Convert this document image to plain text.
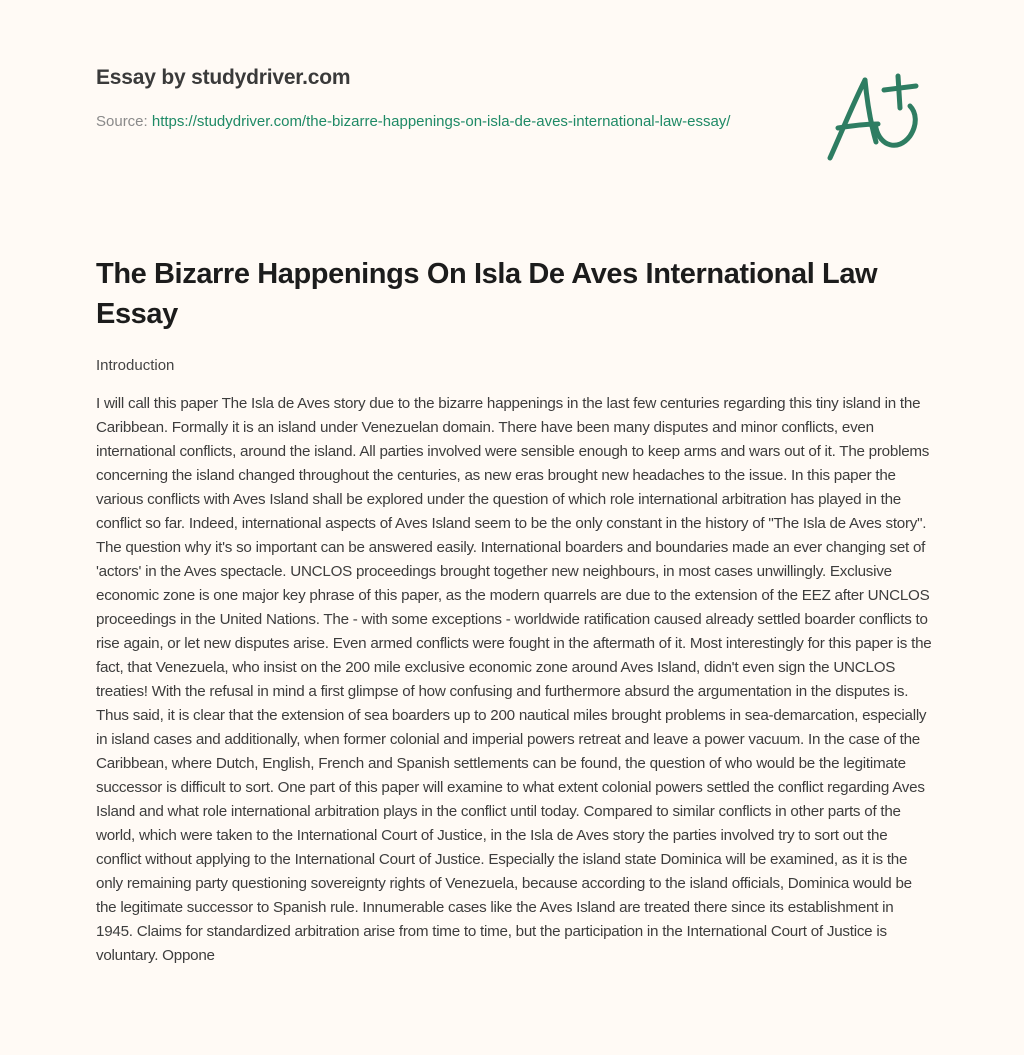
Essay by studydriver.com
Source: https://studydriver.com/the-bizarre-happenings-on-isla-de-aves-international-law-essay/
The Bizarre Happenings On Isla De Aves International Law Essay
Introduction

I will call this paper The Isla de Aves story due to the bizarre happenings in the last few centuries regarding this tiny island in the Caribbean. Formally it is an island under Venezuelan domain. There have been many disputes and minor conflicts, even international conflicts, around the island. All parties involved were sensible enough to keep arms and wars out of it. The problems concerning the island changed throughout the centuries, as new eras brought new headaches to the issue. In this paper the various conflicts with Aves Island shall be explored under the question of which role international arbitration has played in the conflict so far. Indeed, international aspects of Aves Island seem to be the only constant in the history of "The Isla de Aves story". The question why it's so important can be answered easily. International boarders and boundaries made an ever changing set of 'actors' in the Aves spectacle. UNCLOS proceedings brought together new neighbours, in most cases unwillingly. Exclusive economic zone is one major key phrase of this paper, as the modern quarrels are due to the extension of the EEZ after UNCLOS proceedings in the United Nations. The - with some exceptions - worldwide ratification caused already settled boarder conflicts to rise again, or let new disputes arise. Even armed conflicts were fought in the aftermath of it. Most interestingly for this paper is the fact, that Venezuela, who insist on the 200 mile exclusive economic zone around Aves Island, didn't even sign the UNCLOS treaties! With the refusal in mind a first glimpse of how confusing and furthermore absurd the argumentation in the disputes is. Thus said, it is clear that the extension of sea boarders up to 200 nautical miles brought problems in sea-demarcation, especially in island cases and additionally, when former colonial and imperial powers retreat and leave a power vacuum. In the case of the Caribbean, where Dutch, English, French and Spanish settlements can be found, the question of who would be the legitimate successor is difficult to sort. One part of this paper will examine to what extent colonial powers settled the conflict regarding Aves Island and what role international arbitration plays in the conflict until today. Compared to similar conflicts in other parts of the world, which were taken to the International Court of Justice, in the Isla de Aves story the parties involved try to sort out the conflict without applying to the International Court of Justice. Especially the island state Dominica will be examined, as it is the only remaining party questioning sovereignty rights of Venezuela, because according to the island officials, Dominica would be the legitimate successor to Spanish rule. Innumerable cases like the Aves Island are treated there since its establishment in 1945. Claims for standardized arbitration arise from time to time, but the participation in the International Court of Justice is voluntary. Oppone
